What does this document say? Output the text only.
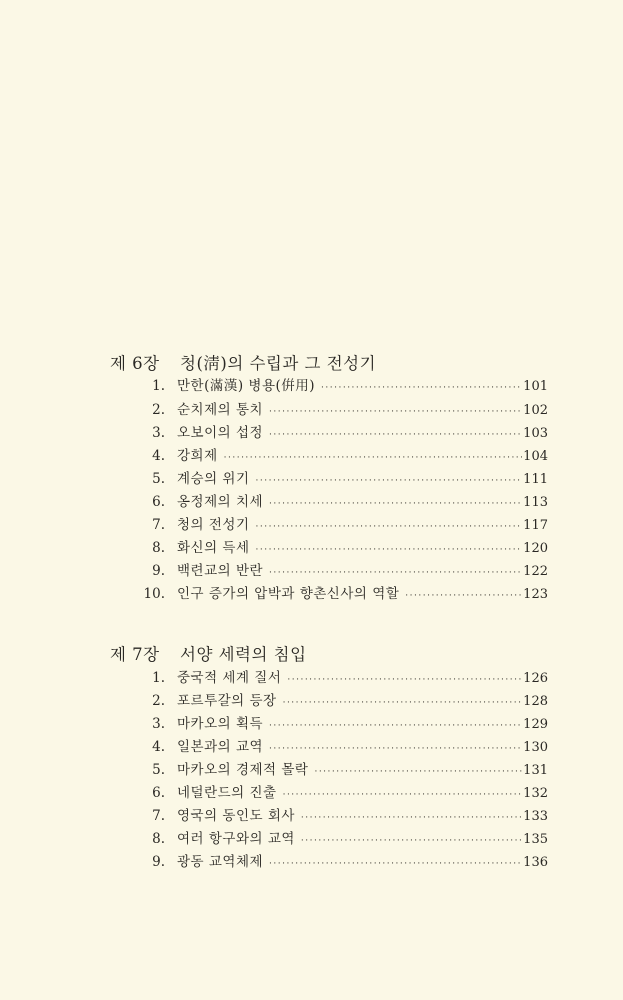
제 6장 청(淸)의 수립과 그 전성기
1. 만한(滿漢) 병용(倂用) ·····	101
2. 순치제의 통치 ·····	102
3. 오보이의 섭정 ·····	103
4. 강희제 ·····	104
5. 계승의 위기 ·····	111
6. 옹정제의 치세 ·····	113
7. 청의 전성기 ·····	117
8. 화신의 득세 ·····	120
9. 백련교의 반란 ·····	122
10. 인구 증가의 압박과 향촌신사의 역할 ·····	123
제 7장 서양 세력의 침입
1. 중국적 세계 질서 ·····	126
2. 포르투갈의 등장 ·····	128
3. 마카오의 획득 ·····	129
4. 일본과의 교역 ·····	130
5. 마카오의 경제적 몰락 ·····	131
6. 네덜란드의 진출 ·····	132
7. 영국의 동인도 회사 ·····	133
8. 여러 항구와의 교역 ·····	135
9. 광동 교역체제 ·····	136
